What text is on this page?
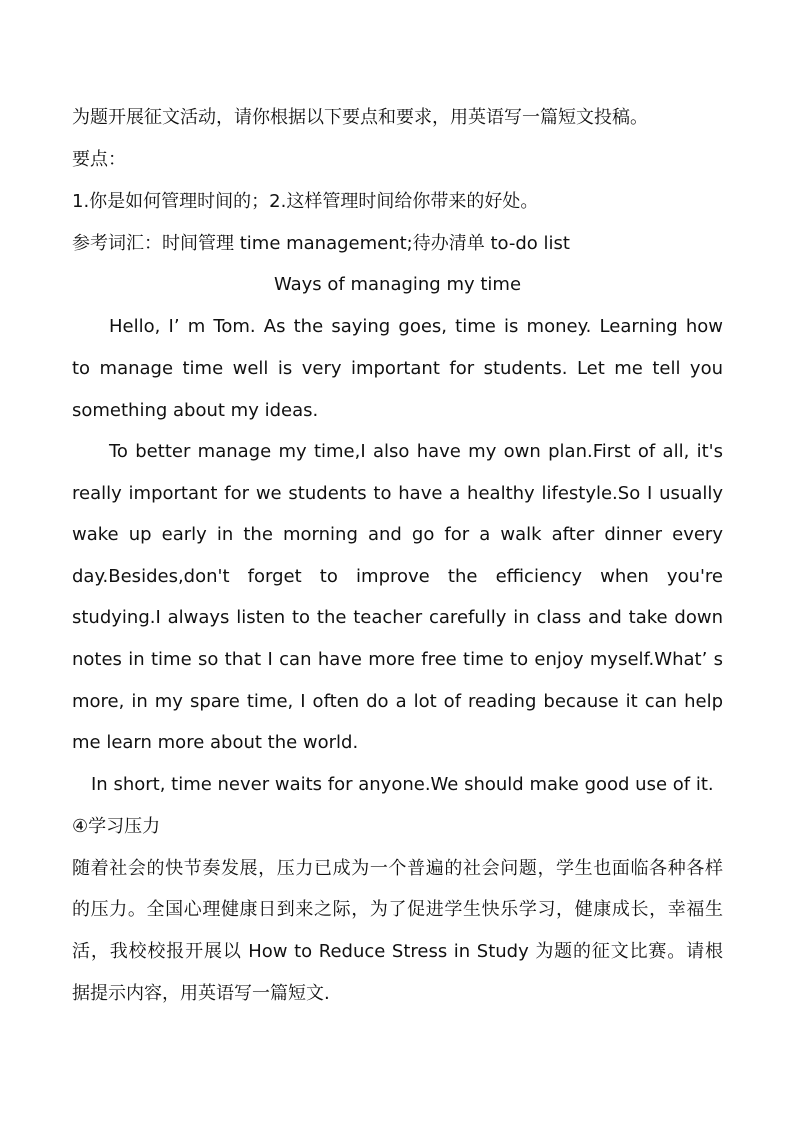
为题开展征文活动，请你根据以下要点和要求，用英语写一篇短文投稿。
要点：
1.你是如何管理时间的；2.这样管理时间给你带来的好处。
参考词汇：时间管理 time management;待办清单 to-do list
Ways of managing my time
Hello, I’ m Tom. As the saying goes, time is money. Learning how
to manage time well is very important for students. Let me tell you
something about my ideas.
To better manage my time,I also have my own plan.First of all, it's
really important for we students to have a healthy lifestyle.So I usually
wake up early in the morning and go for a walk after dinner every
day.Besides,don't forget to improve the efficiency when you're
studying.I always listen to the teacher carefully in class and take down
notes in time so that I can have more free time to enjoy myself.What’ s
more, in my spare time, I often do a lot of reading because it can help
me learn more about the world.
In short, time never waits for anyone.We should make good use of it.
④学习压力
随着社会的快节奏发展，压力已成为一个普遍的社会问题，学生也面临各种各样
的压力。全国心理健康日到来之际，为了促进学生快乐学习，健康成长，幸福生
活，我校校报开展以 How to Reduce Stress in Study 为题的征文比赛。请根
据提示内容，用英语写一篇短文.
